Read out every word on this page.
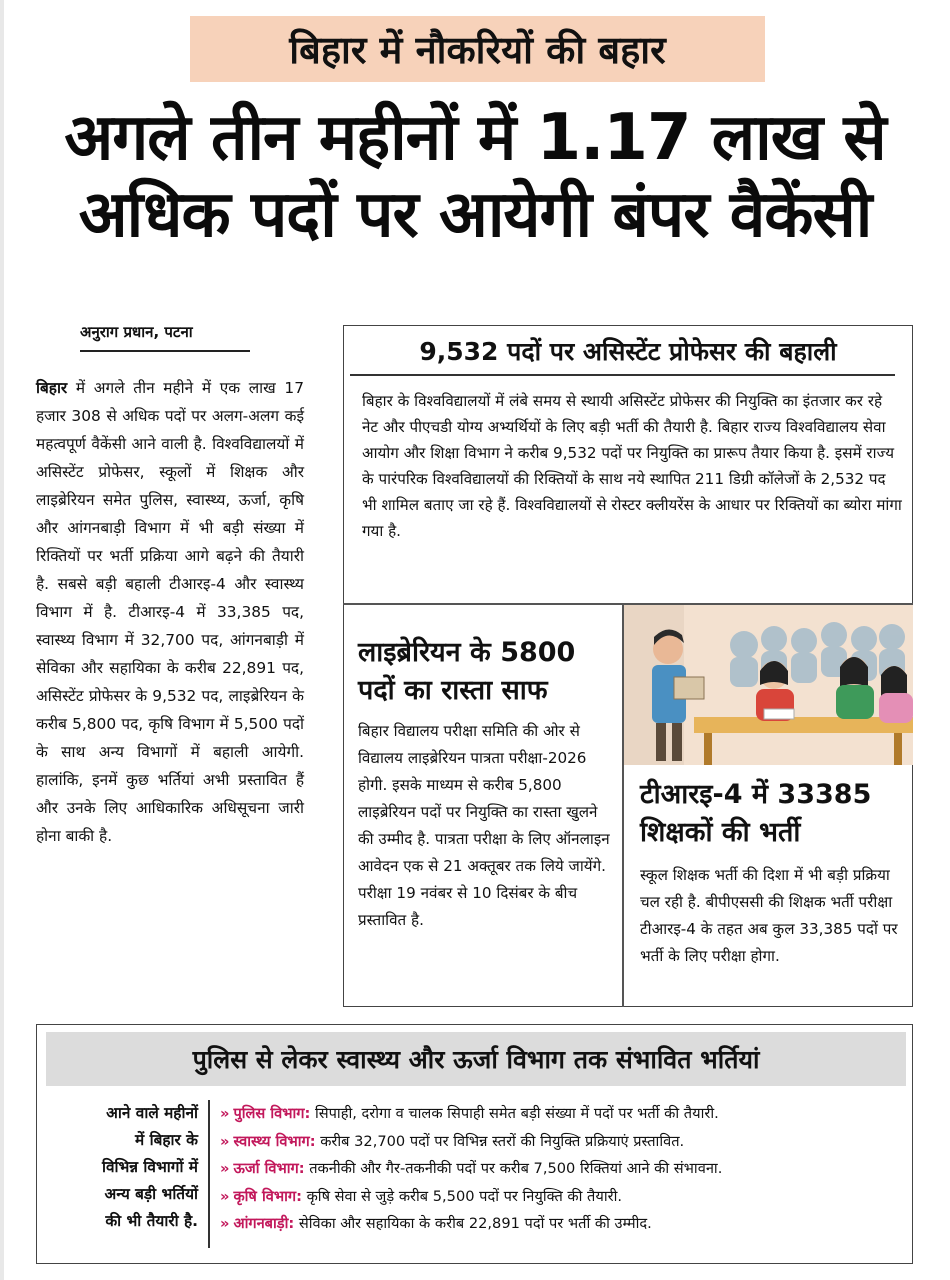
बिहार में नौकरियों की बहार
अगले तीन महीनों में 1.17 लाख से
अधिक पदों पर आयेगी बंपर वैकेंसी
अनुराग प्रधान, पटना
बिहार में अगले तीन महीने में एक लाख 17 हजार 308 से अधिक पदों पर अलग-अलग कई महत्वपूर्ण वैकेंसी आने वाली है. विश्वविद्यालयों में असिस्टेंट प्रोफेसर, स्कूलों में शिक्षक और लाइब्रेरियन समेत पुलिस, स्वास्थ्य, ऊर्जा, कृषि और आंगनबाड़ी विभाग में भी बड़ी संख्या में रिक्तियों पर भर्ती प्रक्रिया आगे बढ़ने की तैयारी है. सबसे बड़ी बहाली टीआरइ-4 और स्वास्थ्य विभाग में है. टीआरइ-4 में 33,385 पद, स्वास्थ्य विभाग में 32,700 पद, आंगनबाड़ी में सेविका और सहायिका के करीब 22,891 पद, असिस्टेंट प्रोफेसर के 9,532 पद, लाइब्रेरियन के करीब 5,800 पद, कृषि विभाग में 5,500 पदों के साथ अन्य विभागों में बहाली आयेगी. हालांकि, इनमें कुछ भर्तियां अभी प्रस्तावित हैं और उनके लिए आधिकारिक अधिसूचना जारी होना बाकी है.
9,532 पदों पर असिस्टेंट प्रोफेसर की बहाली
बिहार के विश्वविद्यालयों में लंबे समय से स्थायी असिस्टेंट प्रोफेसर की नियुक्ति का इंतजार कर रहे नेट और पीएचडी योग्य अभ्यर्थियों के लिए बड़ी भर्ती की तैयारी है. बिहार राज्य विश्वविद्यालय सेवा आयोग और शिक्षा विभाग ने करीब 9,532 पदों पर नियुक्ति का प्रारूप तैयार किया है. इसमें राज्य के पारंपरिक विश्वविद्यालयों की रिक्तियों के साथ नये स्थापित 211 डिग्री कॉलेजों के 2,532 पद भी शामिल बताए जा रहे हैं. विश्वविद्यालयों से रोस्टर क्लीयरेंस के आधार पर रिक्तियों का ब्योरा मांगा गया है.
लाइब्रेरियन के 5800
पदों का रास्ता साफ
बिहार विद्यालय परीक्षा समिति की ओर से विद्यालय लाइब्रेरियन पात्रता परीक्षा-2026 होगी. इसके माध्यम से करीब 5,800 लाइब्रेरियन पदों पर नियुक्ति का रास्ता खुलने की उम्मीद है. पात्रता परीक्षा के लिए ऑनलाइन आवेदन एक से 21 अक्तूबर तक लिये जायेंगे. परीक्षा 19 नवंबर से 10 दिसंबर के बीच प्रस्तावित है.
टीआरइ-4 में 33385
शिक्षकों की भर्ती
स्कूल शिक्षक भर्ती की दिशा में भी बड़ी प्रक्रिया चल रही है. बीपीएससी की शिक्षक भर्ती परीक्षा टीआरइ-4 के तहत अब कुल 33,385 पदों पर भर्ती के लिए परीक्षा होगा.
पुलिस से लेकर स्वास्थ्य और ऊर्जा विभाग तक संभावित भर्तियां
आने वाले महीनों
में बिहार के
विभिन्न विभागों में
अन्य बड़ी भर्तियों
की भी तैयारी है.
» पुलिस विभाग: सिपाही, दरोगा व चालक सिपाही समेत बड़ी संख्या में पदों पर भर्ती की तैयारी.
» स्वास्थ्य विभाग: करीब 32,700 पदों पर विभिन्न स्तरों की नियुक्ति प्रक्रियाएं प्रस्तावित.
» ऊर्जा विभाग: तकनीकी और गैर-तकनीकी पदों पर करीब 7,500 रिक्तियां आने की संभावना.
» कृषि विभाग: कृषि सेवा से जुड़े करीब 5,500 पदों पर नियुक्ति की तैयारी.
» आंगनबाड़ी: सेविका और सहायिका के करीब 22,891 पदों पर भर्ती की उम्मीद.
